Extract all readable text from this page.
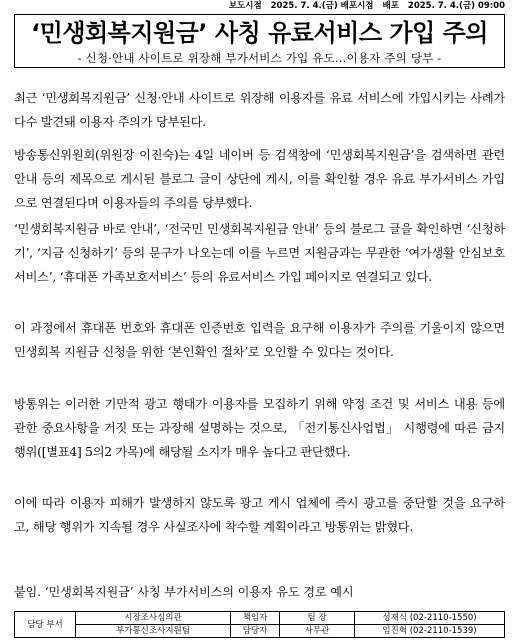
보도시점 2025. 7. 4.(금) 배포시점 배포 2025. 7. 4.(금) 09:00
‘민생회복지원금’ 사칭 유료서비스 가입 주의
- 신청·안내 사이트로 위장해 부가서비스 가입 유도…이용자 주의 당부 -
최근 ‘민생회복지원금’ 신청·안내 사이트로 위장해 이용자를 유료 서비스에 가입시키는 사례가 다수 발견돼 이용자 주의가 당부된다.
방송통신위원회(위원장 이진숙)는 4일 네이버 등 검색창에 ‘민생회복지원금’을 검색하면 관련 안내 등의 제목으로 게시된 블로그 글이 상단에 게시, 이를 확인할 경우 유료 부가서비스 가입으로 연결된다며 이용자들의 주의를 당부했다.
‘민생회복지원금 바로 안내’, ‘전국민 민생회복지원금 안내’ 등의 블로그 글을 확인하면 ‘신청하기’, ‘지금 신청하기’ 등의 문구가 나오는데 이를 누르면 지원금과는 무관한 ‘여가생활 안심보호서비스’, ‘휴대폰 가족보호서비스’ 등의 유료서비스 가입 페이지로 연결되고 있다.
이 과정에서 휴대폰 번호와 휴대폰 인증번호 입력을 요구해 이용자가 주의를 기울이지 않으면 민생회복 지원금 신청을 위한 ‘본인확인 절차’로 오인할 수 있다는 것이다.
방통위는 이러한 기만적 광고 행태가 이용자를 모집하기 위해 약정 조건 및 서비스 내용 등에 관한 중요사항을 거짓 또는 과장해 설명하는 것으로, 「전기통신사업법」 시행령에 따른 금지행위([별표4] 5의2 가목)에 해당될 소지가 매우 높다고 판단했다.
이에 따라 이용자 피해가 발생하지 않도록 광고 게시 업체에 즉시 광고를 중단할 것을 요구하고, 해당 행위가 지속될 경우 사실조사에 착수할 계획이라고 방통위는 밝혔다.
붙임. ‘민생회복지원금’ 사칭 부가서비스의 이용자 유도 경로 예시
담당 부서	시장조사심의관	책임자	팀 장	성재식 (02-2110-1550)
	부가통신조사지원팀	담당자	사무관	임진혁 (02-2110-1539)
